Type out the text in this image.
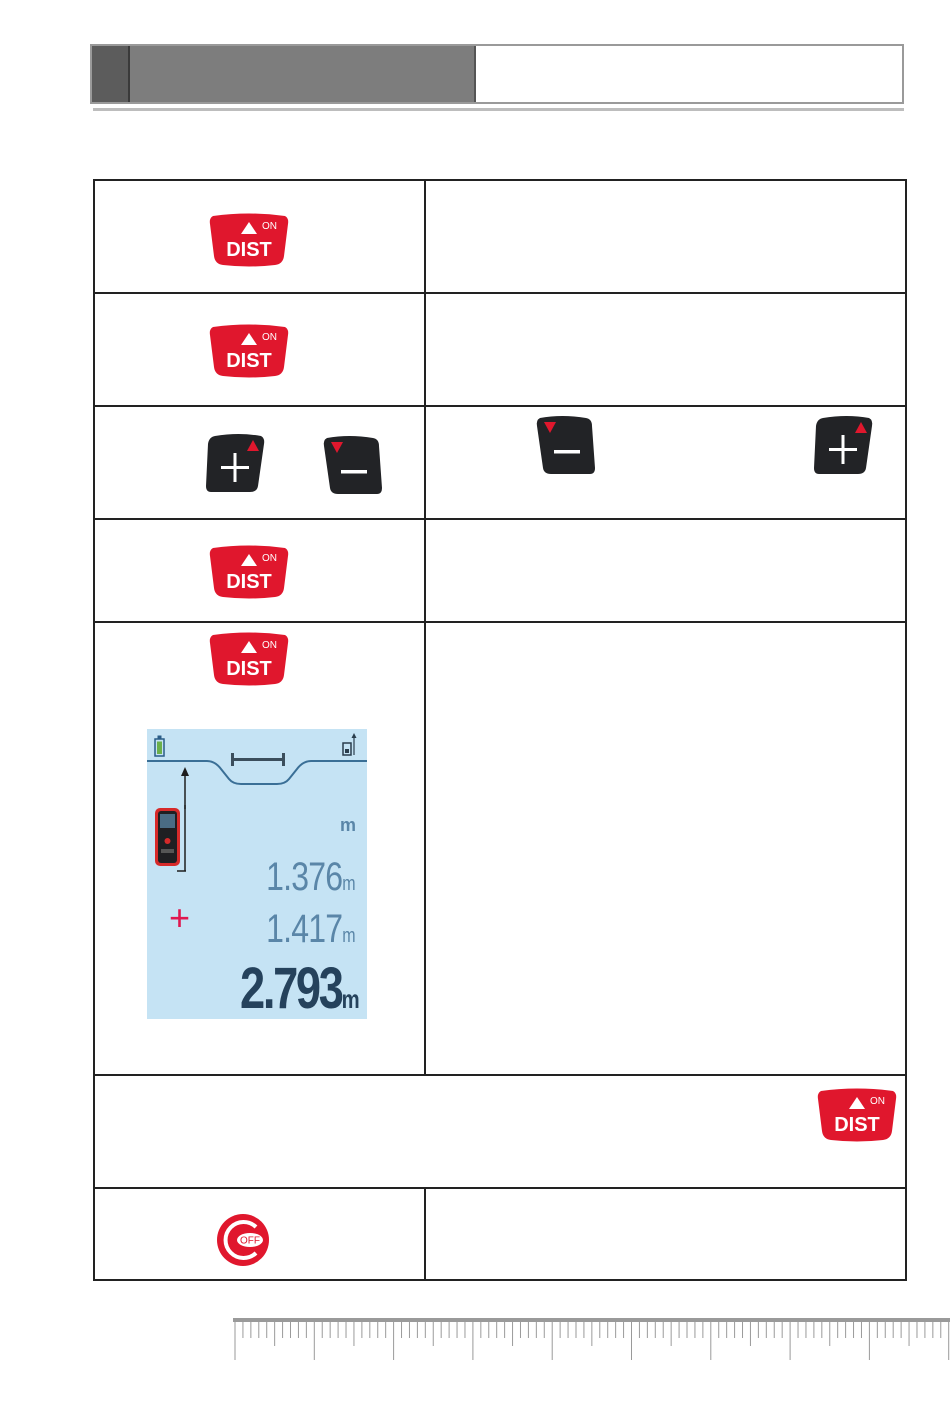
ON
DIST
ON
DIST
ON
DIST
ON
DIST
m
1.376m
+ 1.417m
2.793m
ON
DIST
OFF
